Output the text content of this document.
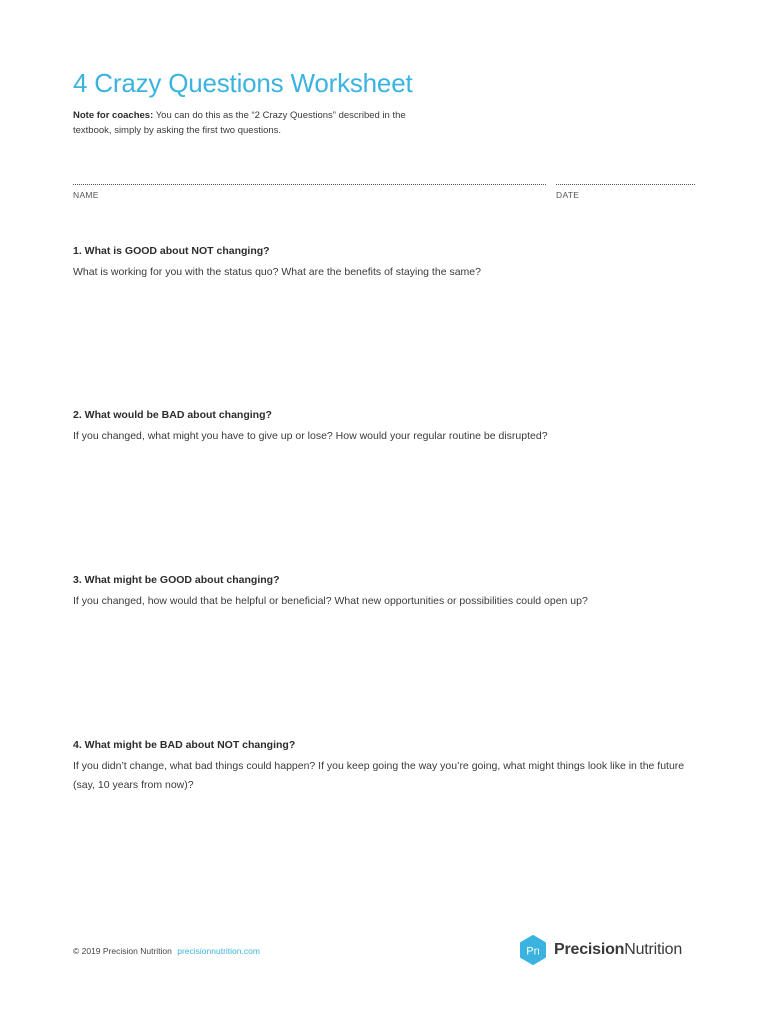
4 Crazy Questions Worksheet
Note for coaches: You can do this as the “2 Crazy Questions” described in the textbook, simply by asking the first two questions.
NAME	DATE

1. What is GOOD about NOT changing?

What is working for you with the status quo? What are the benefits of staying the same?

2. What would be BAD about changing?

If you changed, what might you have to give up or lose? How would your regular routine be disrupted?

3. What might be GOOD about changing?

If you changed, how would that be helpful or beneficial? What new opportunities or possibilities could open up?

4. What might be BAD about NOT changing?

If you didn’t change, what bad things could happen? If you keep going the way you’re going, what might things look like in the future (say, 10 years from now)?

© 2019 Precision Nutrition precisionnutrition.com	Pn PrecisionNutrition
